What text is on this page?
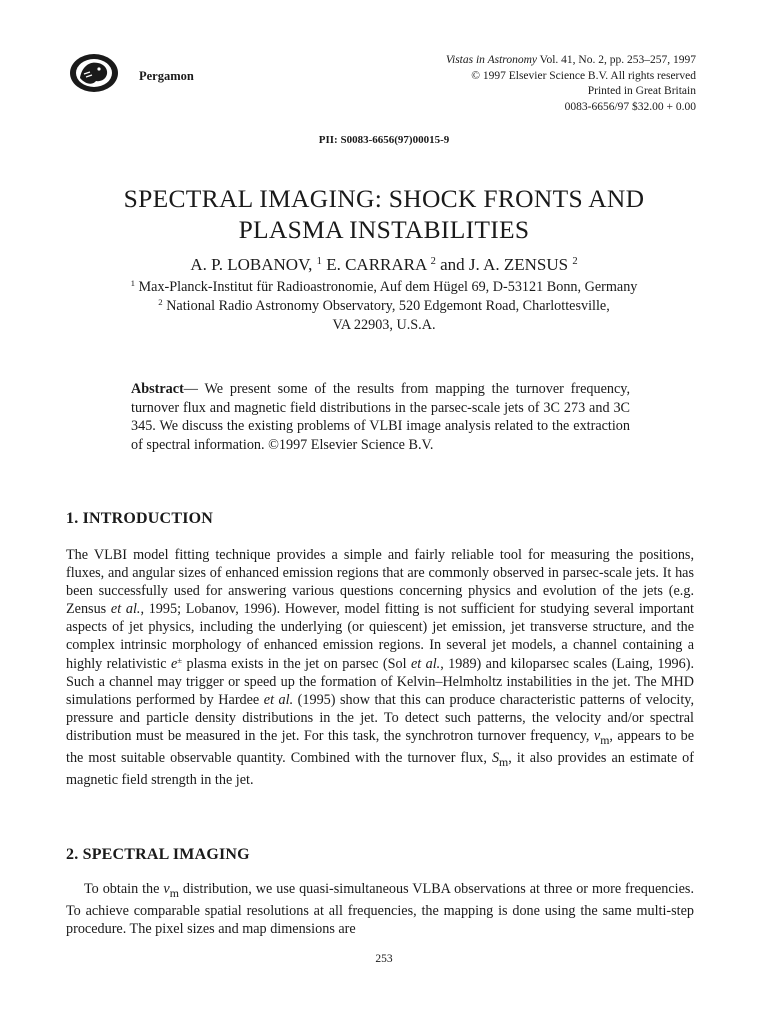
Pergamon
Vistas in Astronomy Vol. 41, No. 2, pp. 253–257, 1997
© 1997 Elsevier Science B.V. All rights reserved
Printed in Great Britain
0083-6656/97 $32.00 + 0.00
PII: S0083-6656(97)00015-9
SPECTRAL IMAGING: SHOCK FRONTS AND
PLASMA INSTABILITIES
A. P. LOBANOV, $^1$ E. CARRARA $^2$ and J. A. ZENSUS $^2$
$^1$ Max-Planck-Institut für Radioastronomie, Auf dem Hügel 69, D-53121 Bonn, Germany
$^2$ National Radio Astronomy Observatory, 520 Edgemont Road, Charlottesville,
VA 22903, U.S.A.
Abstract— We present some of the results from mapping the turnover frequency, turnover flux and magnetic field distributions in the parsec-scale jets of 3C 273 and 3C 345. We discuss the existing problems of VLBI image analysis related to the extraction of spectral information. ©1997 Elsevier Science B.V.
1. INTRODUCTION
The VLBI model fitting technique provides a simple and fairly reliable tool for measuring the positions, fluxes, and angular sizes of enhanced emission regions that are commonly observed in parsec-scale jets. It has been successfully used for answering various questions concerning physics and evolution of the jets (e.g. Zensus et al., 1995; Lobanov, 1996). However, model fitting is not sufficient for studying several important aspects of jet physics, including the underlying (or quiescent) jet emission, jet transverse structure, and the complex intrinsic morphology of enhanced emission regions. In several jet models, a channel containing a highly relativistic e± plasma exists in the jet on parsec (Sol et al., 1989) and kiloparsec scales (Laing, 1996). Such a channel may trigger or speed up the formation of Kelvin–Helmholtz instabilities in the jet. The MHD simulations performed by Hardee et al. (1995) show that this can produce characteristic patterns of velocity, pressure and particle density distributions in the jet. To detect such patterns, the velocity and/or spectral distribution must be measured in the jet. For this task, the synchrotron turnover frequency, $\nu_m$, appears to be the most suitable observable quantity. Combined with the turnover flux, $S_m$, it also provides an estimate of magnetic field strength in the jet.
2. SPECTRAL IMAGING
To obtain the $\nu_m$ distribution, we use quasi-simultaneous VLBA observations at three or more frequencies. To achieve comparable spatial resolutions at all frequencies, the mapping is done using the same multi-step procedure. The pixel sizes and map dimensions are
253
